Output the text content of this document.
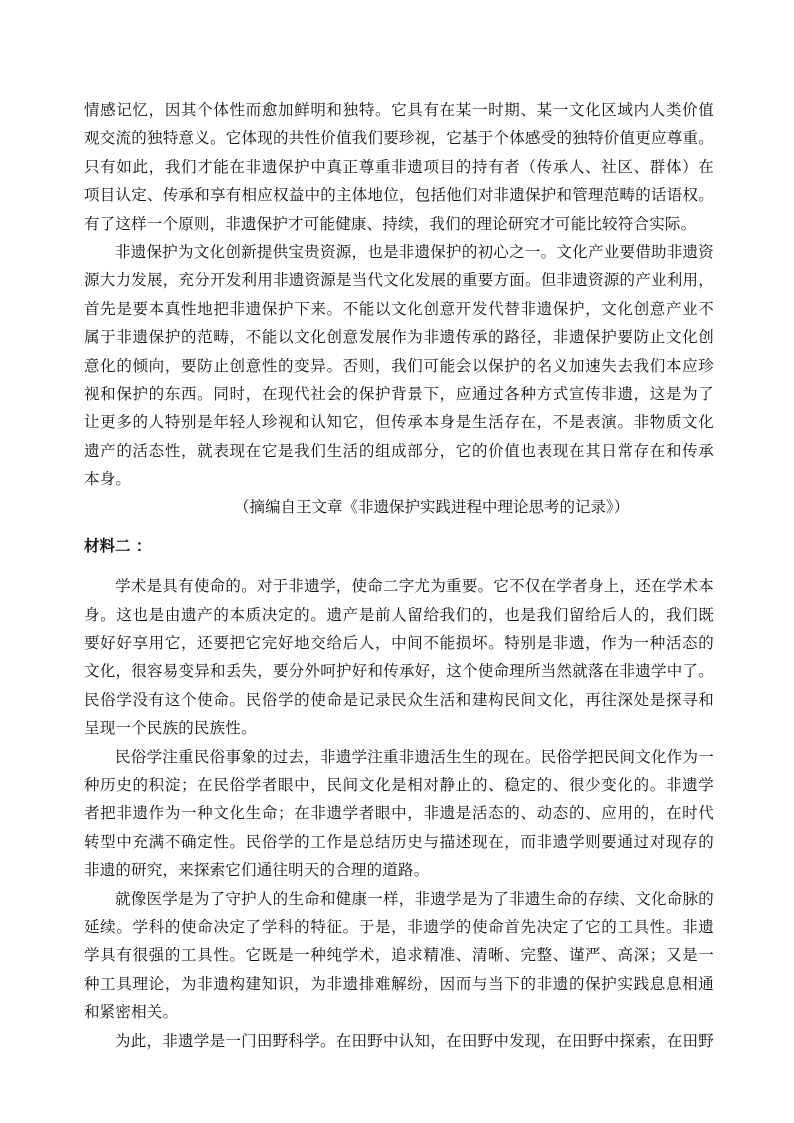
情感记忆，因其个体性而愈加鲜明和独特。它具有在某一时期、某一文化区域内人类价值
观交流的独特意义。它体现的共性价值我们要珍视，它基于个体感受的独特价值更应尊重。
只有如此，我们才能在非遗保护中真正尊重非遗项目的持有者（传承人、社区、群体）在
项目认定、传承和享有相应权益中的主体地位，包括他们对非遗保护和管理范畴的话语权。
有了这样一个原则，非遗保护才可能健康、持续，我们的理论研究才可能比较符合实际。
非遗保护为文化创新提供宝贵资源，也是非遗保护的初心之一。文化产业要借助非遗资
源大力发展，充分开发利用非遗资源是当代文化发展的重要方面。但非遗资源的产业利用，
首先是要本真性地把非遗保护下来。不能以文化创意开发代替非遗保护，文化创意产业不
属于非遗保护的范畴，不能以文化创意发展作为非遗传承的路径，非遗保护要防止文化创
意化的倾向，要防止创意性的变异。否则，我们可能会以保护的名义加速失去我们本应珍
视和保护的东西。同时，在现代社会的保护背景下，应通过各种方式宣传非遗，这是为了
让更多的人特别是年轻人珍视和认知它，但传承本身是生活存在，不是表演。非物质文化
遗产的活态性，就表现在它是我们生活的组成部分，它的价值也表现在其日常存在和传承
本身。
（摘编自王文章《非遗保护实践进程中理论思考的记录》）
材料二 ：
学术是具有使命的。对于非遗学，使命二字尤为重要。它不仅在学者身上，还在学术本
身。这也是由遗产的本质决定的。遗产是前人留给我们的，也是我们留给后人的，我们既
要好好享用它，还要把它完好地交给后人，中间不能损坏。特别是非遗，作为一种活态的
文化，很容易变异和丢失，要分外呵护好和传承好，这个使命理所当然就落在非遗学中了。
民俗学没有这个使命。民俗学的使命是记录民众生活和建构民间文化，再往深处是探寻和
呈现一个民族的民族性。
民俗学注重民俗事象的过去，非遗学注重非遗活生生的现在。民俗学把民间文化作为一
种历史的积淀；在民俗学者眼中，民间文化是相对静止的、稳定的、很少变化的。非遗学
者把非遗作为一种文化生命；在非遗学者眼中，非遗是活态的、动态的、应用的，在时代
转型中充满不确定性。民俗学的工作是总结历史与描述现在，而非遗学则要通过对现存的
非遗的研究，来探索它们通往明天的合理的道路。
就像医学是为了守护人的生命和健康一样，非遗学是为了非遗生命的存续、文化命脉的
延续。学科的使命决定了学科的特征。于是，非遗学的使命首先决定了它的工具性。非遗
学具有很强的工具性。它既是一种纯学术，追求精准、清晰、完整、谨严、高深；又是一
种工具理论，为非遗构建知识，为非遗排难解纷，因而与当下的非遗的保护实践息息相通
和紧密相关。
为此，非遗学是一门田野科学。在田野中认知，在田野中发现，在田野中探索，在田野
